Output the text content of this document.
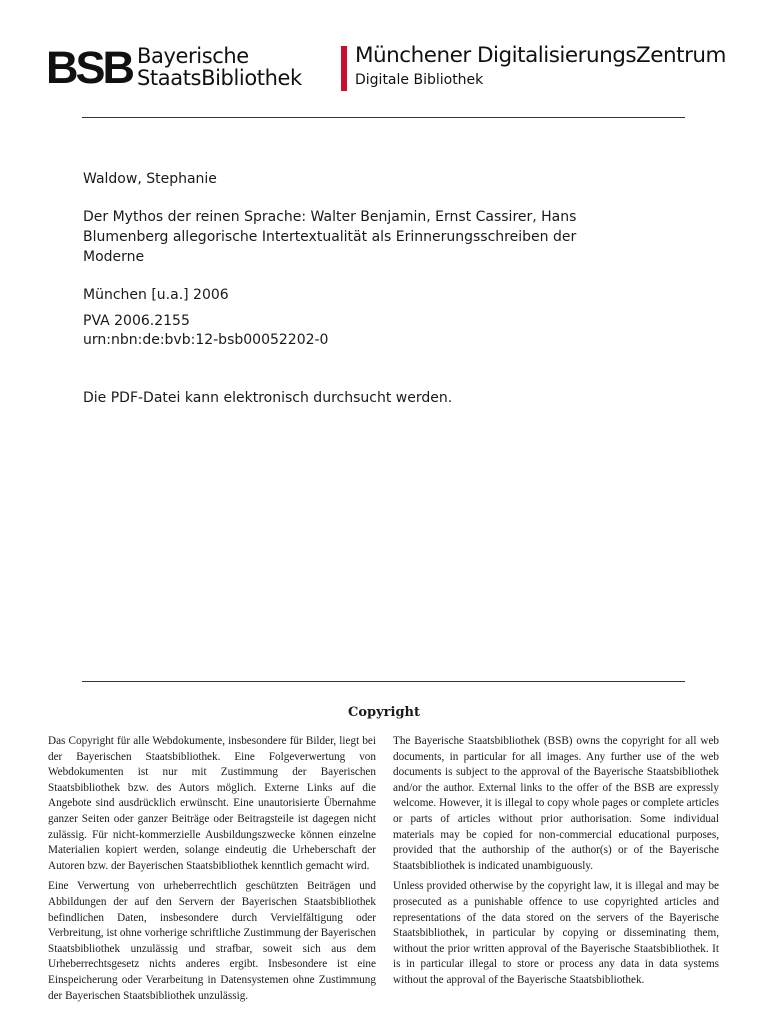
BSB Bayerische
StaatsBibliothek
Münchener DigitalisierungsZentrum
Digitale Bibliothek
Waldow, Stephanie
Der Mythos der reinen Sprache: Walter Benjamin, Ernst Cassirer, Hans
Blumenberg allegorische Intertextualität als Erinnerungsschreiben der
Moderne
München [u.a.] 2006
PVA 2006.2155
urn:nbn:de:bvb:12-bsb00052202-0
Die PDF-Datei kann elektronisch durchsucht werden.
Copyright

Das Copyright für alle Webdokumente, insbesondere für Bilder, liegt bei der Bayerischen Staatsbibliothek. Eine Folgeverwertung von Webdokumenten ist nur mit Zustimmung der Bayerischen Staatsbibliothek bzw. des Autors möglich. Externe Links auf die Angebote sind ausdrücklich erwünscht. Eine unautorisierte Übernahme ganzer Seiten oder ganzer Beiträge oder Beitragsteile ist dagegen nicht zulässig. Für nicht-kommerzielle Ausbildungszwecke können einzelne Materialien kopiert werden, solange eindeutig die Urheberschaft der Autoren bzw. der Bayerischen Staatsbibliothek kenntlich gemacht wird.

Eine Verwertung von urheberrechtlich geschützten Beiträgen und Abbildungen der auf den Servern der Bayerischen Staatsbibliothek befindlichen Daten, insbesondere durch Vervielfältigung oder Verbreitung, ist ohne vorherige schriftliche Zustimmung der Bayerischen Staatsbibliothek unzulässig und strafbar, soweit sich aus dem Urheberrechtsgesetz nichts anderes ergibt. Insbesondere ist eine Einspeicherung oder Verarbeitung in Datensystemen ohne Zustimmung der Bayerischen Staatsbibliothek unzulässig.

The Bayerische Staatsbibliothek (BSB) owns the copyright for all web documents, in particular for all images. Any further use of the web documents is subject to the approval of the Bayerische Staatsbibliothek and/or the author. External links to the offer of the BSB are expressly welcome. However, it is illegal to copy whole pages or complete articles or parts of articles without prior authorisation. Some individual materials may be copied for non-commercial educational purposes, provided that the authorship of the author(s) or of the Bayerische Staatsbibliothek is indicated unambiguously.

Unless provided otherwise by the copyright law, it is illegal and may be prosecuted as a punishable offence to use copyrighted articles and representations of the data stored on the servers of the Bayerische Staatsbibliothek, in particular by copying or disseminating them, without the prior written approval of the Bayerische Staatsbibliothek. It is in particular illegal to store or process any data in data systems without the approval of the Bayerische Staatsbibliothek.
